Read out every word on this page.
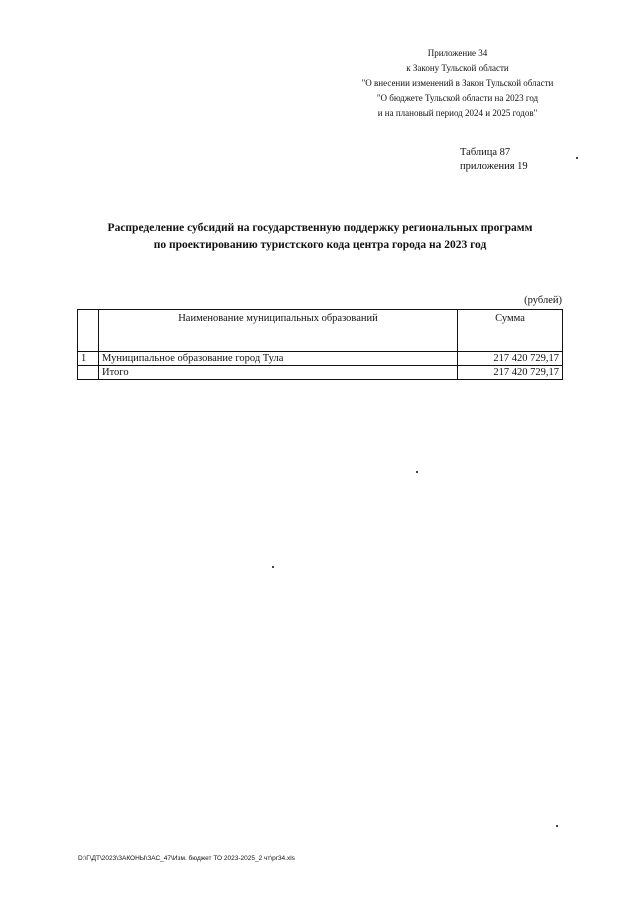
Приложение 34
к Закону Тульской области
"О внесении изменений в Закон Тульской области
"О бюджете Тульской области на 2023 год
и на плановый период 2024 и 2025 годов"
Таблица 87
приложения 19
Распределение субсидий на государственную поддержку региональных программ
по проектированию туристского кода центра города на 2023 год
(рублей)
	Наименование муниципальных образований	Сумма
1	Муниципальное образование город Тула	217 420 729,17
	Итого	217 420 729,17
D:\Г\ДТ\2023\ЗАКОНЫ\ЗАС_47\Изм. бюджет ТО 2023-2025_2 чт\pr34.xls
